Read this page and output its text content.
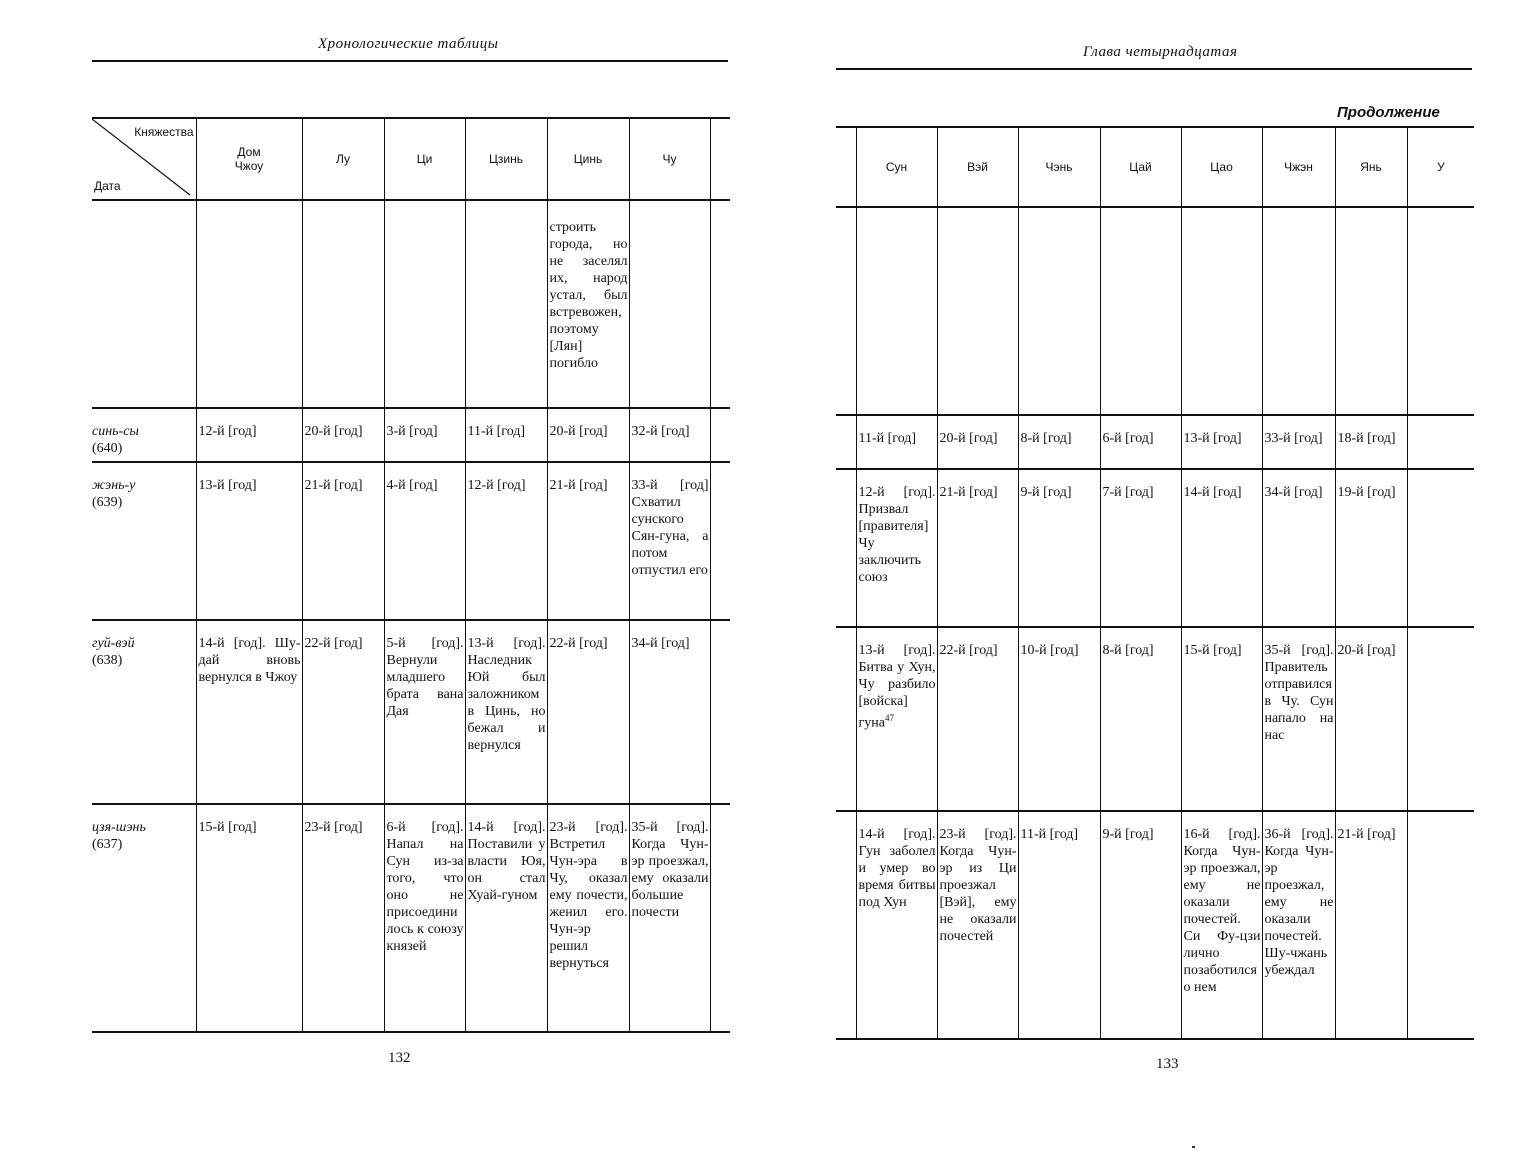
Хронологические таблицы
Княжества
Дата	Дом Чжоу	Лу	Ци	Цзинь	Цинь	Чу	
					строить города, но не заселял их, народ устал, был встревожен, поэтому [Лян] погибло		

синь-сы
(640)	12-й [год]	20-й [год]	3-й [год]	11-й [год]	20-й [год]	32-й [год]	

жэнь-у
(639)	13-й [год]	21-й [год]	4-й [год]	12-й [год]	21-й [год]	33-й [год] Схватил сунского Сян-гуна, а потом отпустил его	

гуй-вэй
(638)	14-й [год]. Шу-дай вновь вернулся в Чжоу	22-й [год]	5-й [год]. Вернули младшего брата вана Дая	13-й [год]. Наследник Юй был заложником в Цинь, но бежал и вернулся	22-й [год]	34-й [год]	

цзя-шэнь
(637)	15-й [год]	23-й [год]	6-й [год]. Напал на Сун из-за того, что оно не присоединилось к союзу князей	14-й [год]. Поставили у власти Юя, он стал Хуай-гуном	23-й [год]. Встретил Чун-эра в Чу, оказал ему почести, женил его. Чун-эр решил вернуться	35-й [год]. Когда Чун-эр проезжал, ему оказали большие почести	
132
Глава четырнадцатая
Продолжение
	Сун	Вэй	Чэнь	Цай	Цао	Чжэн	Янь	У

	11-й [год]	20-й [год]	8-й [год]	6-й [год]	13-й [год]	33-й [год]	18-й [год]	
	12-й [год]. Призвал [правителя] Чу заключить союз	21-й [год]	9-й [год]	7-й [год]	14-й [год]	34-й [год]	19-й [год]	
	13-й [год]. Битва у Хун, Чу разбило [войска] гуна$^{47}$	22-й [год]	10-й [год]	8-й [год]	15-й [год]	35-й [год]. Правитель отправился в Чу. Сун напало на нас	20-й [год]	
	14-й [год]. Гун заболел и умер во время битвы под Хун	23-й [год]. Когда Чун-эр из Ци проезжал [Вэй], ему не оказали почестей	11-й [год]	9-й [год]	16-й [год]. Когда Чун-эр проезжал, ему не оказали почестей. Си Фу-цзи лично позаботился о нем	36-й [год]. Когда Чун-эр проезжал, ему не оказали почестей. Шу-чжань убеждал	21-й [год]	
133
